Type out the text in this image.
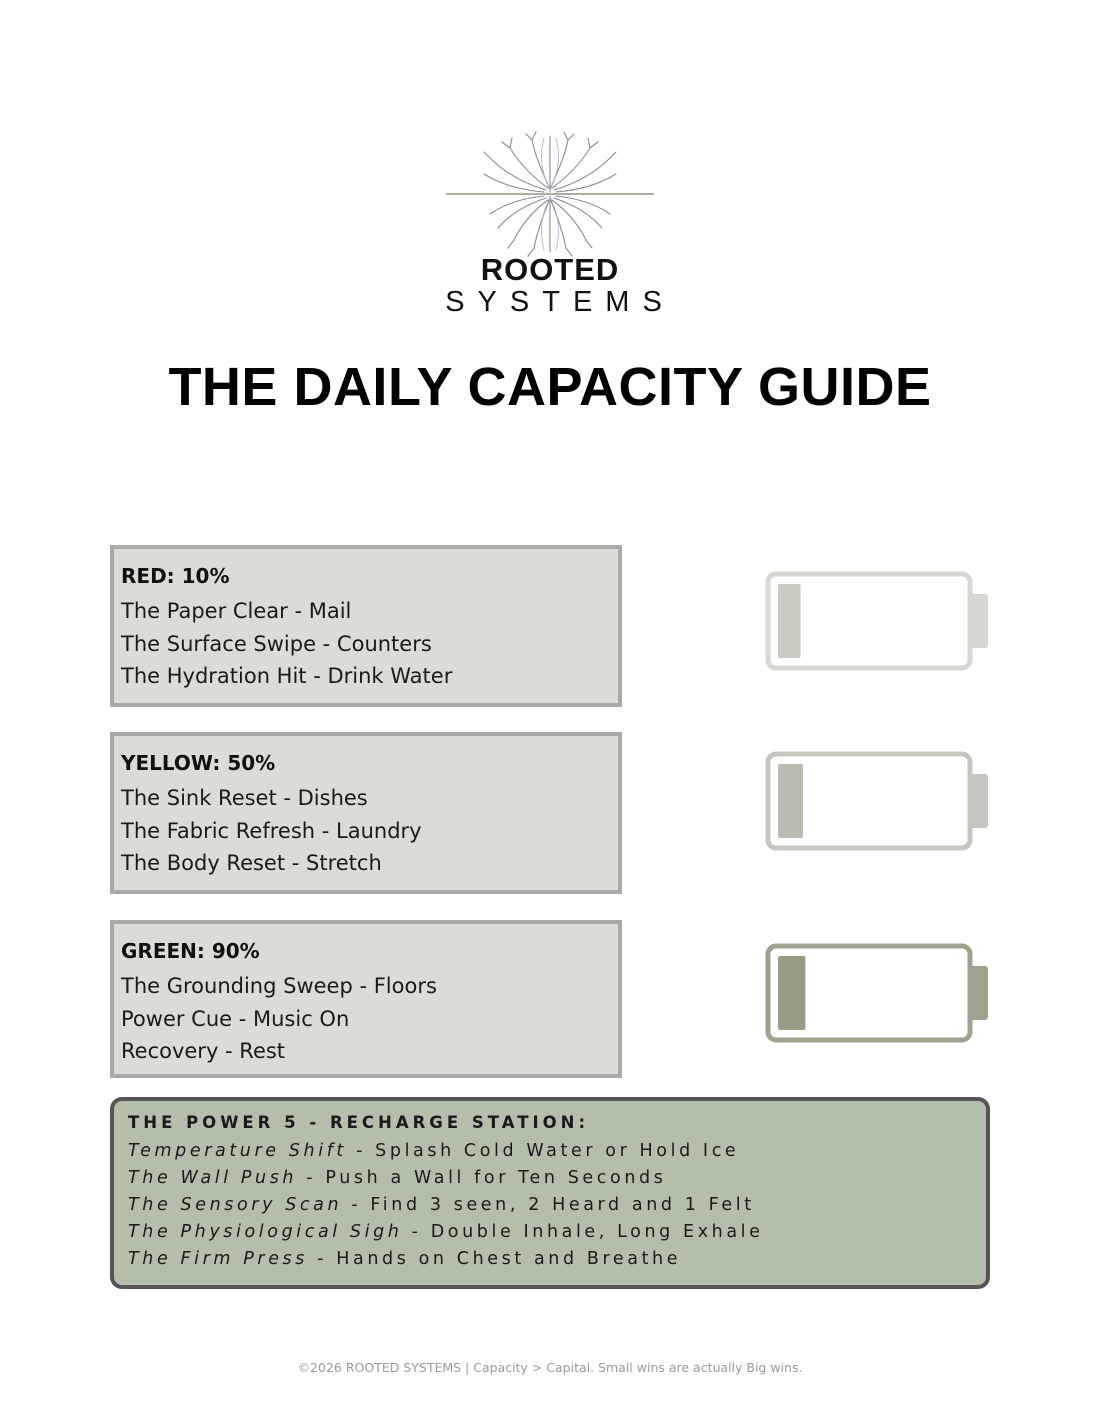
ROOTED
SYSTEMS
THE DAILY CAPACITY GUIDE
RED: 10%
The Paper Clear - Mail
The Surface Swipe - Counters
The Hydration Hit - Drink Water
YELLOW: 50%
The Sink Reset - Dishes
The Fabric Refresh - Laundry
The Body Reset - Stretch
GREEN: 90%
The Grounding Sweep - Floors
Power Cue - Music On
Recovery - Rest
THE POWER 5 - RECHARGE STATION:
Temperature Shift - Splash Cold Water or Hold Ice
The Wall Push - Push a Wall for Ten Seconds
The Sensory Scan - Find 3 seen, 2 Heard and 1 Felt
The Physiological Sigh - Double Inhale, Long Exhale
The Firm Press - Hands on Chest and Breathe
©2026 ROOTED SYSTEMS | Capacity > Capital. Small wins are actually Big wins.
